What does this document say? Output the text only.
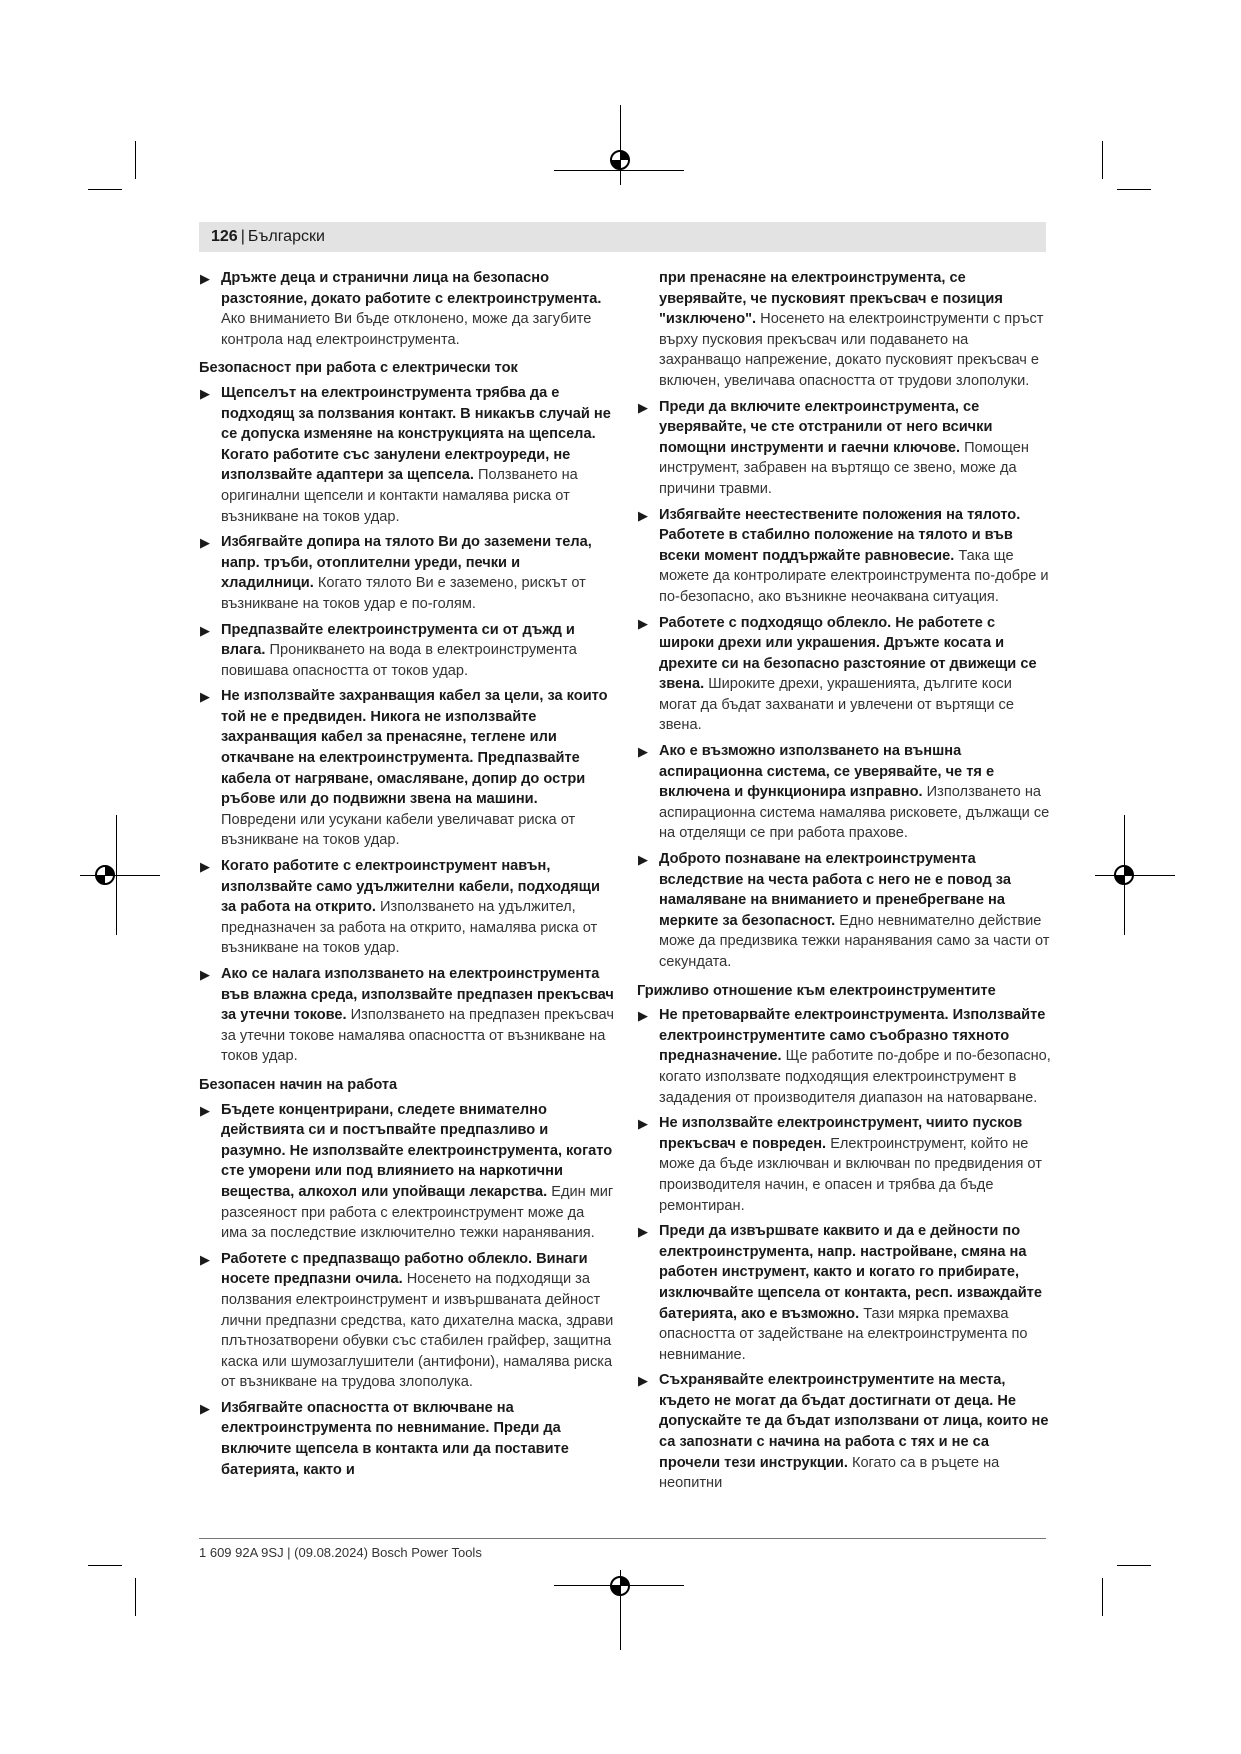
126 | Български
▶ Дръжте деца и странични лица на безопасно разстояние, докато работите с електроинструмента. Ако вниманието Ви бъде отклонено, може да загубите контрола над електроинструмента.
Безопасност при работа с електрически ток
▶ Щепселът на електроинструмента трябва да е подходящ за ползвания контакт. В никакъв случай не се допуска изменяне на конструкцията на щепсела. Когато работите със занулени електроуреди, не използвайте адаптери за щепсела. Ползването на оригинални щепсели и контакти намалява риска от възникване на токов удар.
▶ Избягвайте допира на тялото Ви до заземени тела, напр. тръби, отоплителни уреди, печки и хладилници. Когато тялото Ви е заземено, рискът от възникване на токов удар е по-голям.
▶ Предпазвайте електроинструмента си от дъжд и влага. Проникването на вода в електроинструмента повишава опасността от токов удар.
▶ Не използвайте захранващия кабел за цели, за които той не е предвиден. Никога не използвайте захранващия кабел за пренасяне, теглене или откачване на електроинструмента. Предпазвайте кабела от нагряване, омасляване, допир до остри ръбове или до подвижни звена на машини. Повредени или усукани кабели увеличават риска от възникване на токов удар.
▶ Когато работите с електроинструмент навън, използвайте само удължителни кабели, подходящи за работа на открито. Използването на удължител, предназначен за работа на открито, намалява риска от възникване на токов удар.
▶ Ако се налага използването на електроинструмента във влажна среда, използвайте предпазен прекъсвач за утечни токове. Използването на предпазен прекъсвач за утечни токове намалява опасността от възникване на токов удар.
Безопасен начин на работа
▶ Бъдете концентрирани, следете внимателно действията си и постъпвайте предпазливо и разумно. Не използвайте електроинструмента, когато сте уморени или под влиянието на наркотични вещества, алкохол или упойващи лекарства. Един миг разсеяност при работа с електроинструмент може да има за последствие изключително тежки наранявания.
▶ Работете с предпазващо работно облекло. Винаги носете предпазни очила. Носенето на подходящи за ползвания електроинструмент и извършваната дейност лични предпазни средства, като дихателна маска, здрави плътнозатворени обувки със стабилен грайфер, защитна каска или шумозаглушители (антифони), намалява риска от възникване на трудова злополука.
▶ Избягвайте опасността от включване на електроинструмента по невнимание. Преди да включите щепсела в контакта или да поставите батерията, както и
при пренасяне на електроинструмента, се уверявайте, че пусковият прекъсвач е позиция "изключено". Носенето на електроинструменти с пръст върху пусковия прекъсвач или подаването на захранващо напрежение, докато пусковият прекъсвач е включен, увеличава опасността от трудови злополуки.
▶ Преди да включите електроинструмента, се уверявайте, че сте отстранили от него всички помощни инструменти и гаечни ключове. Помощен инструмент, забравен на въртящо се звено, може да причини травми.
▶ Избягвайте неестествените положения на тялото. Работете в стабилно положение на тялото и във всеки момент поддържайте равновесие. Така ще можете да контролирате електроинструмента по-добре и по-безопасно, ако възникне неочаквана ситуация.
▶ Работете с подходящо облекло. Не работете с широки дрехи или украшения. Дръжте косата и дрехите си на безопасно разстояние от движещи се звена. Широките дрехи, украшенията, дългите коси могат да бъдат захванати и увлечени от въртящи се звена.
▶ Ако е възможно използването на външна аспирационна система, се уверявайте, че тя е включена и функционира изправно. Използването на аспирационна система намалява рисковете, дължащи се на отделящи се при работа прахове.
▶ Доброто познаване на електроинструмента вследствие на честа работа с него не е повод за намаляване на вниманието и пренебрегване на мерките за безопасност. Едно невнимателно действие може да предизвика тежки наранявания само за части от секундата.
Грижливо отношение към електроинструментите
▶ Не претоварвайте електроинструмента. Използвайте електроинструментите само съобразно тяхното предназначение. Ще работите по-добре и по-безопасно, когато използвате подходящия електроинструмент в зададения от производителя диапазон на натоварване.
▶ Не използвайте електроинструмент, чиито пусков прекъсвач е повреден. Електроинструмент, който не може да бъде изключван и включван по предвидения от производителя начин, е опасен и трябва да бъде ремонтиран.
▶ Преди да извършвате каквито и да е дейности по електроинструмента, напр. настройване, смяна на работен инструмент, както и когато го прибирате, изключвайте щепсела от контакта, респ. изваждайте батерията, ако е възможно. Тази мярка премахва опасността от задействане на електроинструмента по невнимание.
▶ Съхранявайте електроинструментите на места, където не могат да бъдат достигнати от деца. Не допускайте те да бъдат използвани от лица, които не са запознати с начина на работа с тях и не са прочели тези инструкции. Когато са в ръцете на неопитни
1 609 92A 9SJ | (09.08.2024) Bosch Power Tools
